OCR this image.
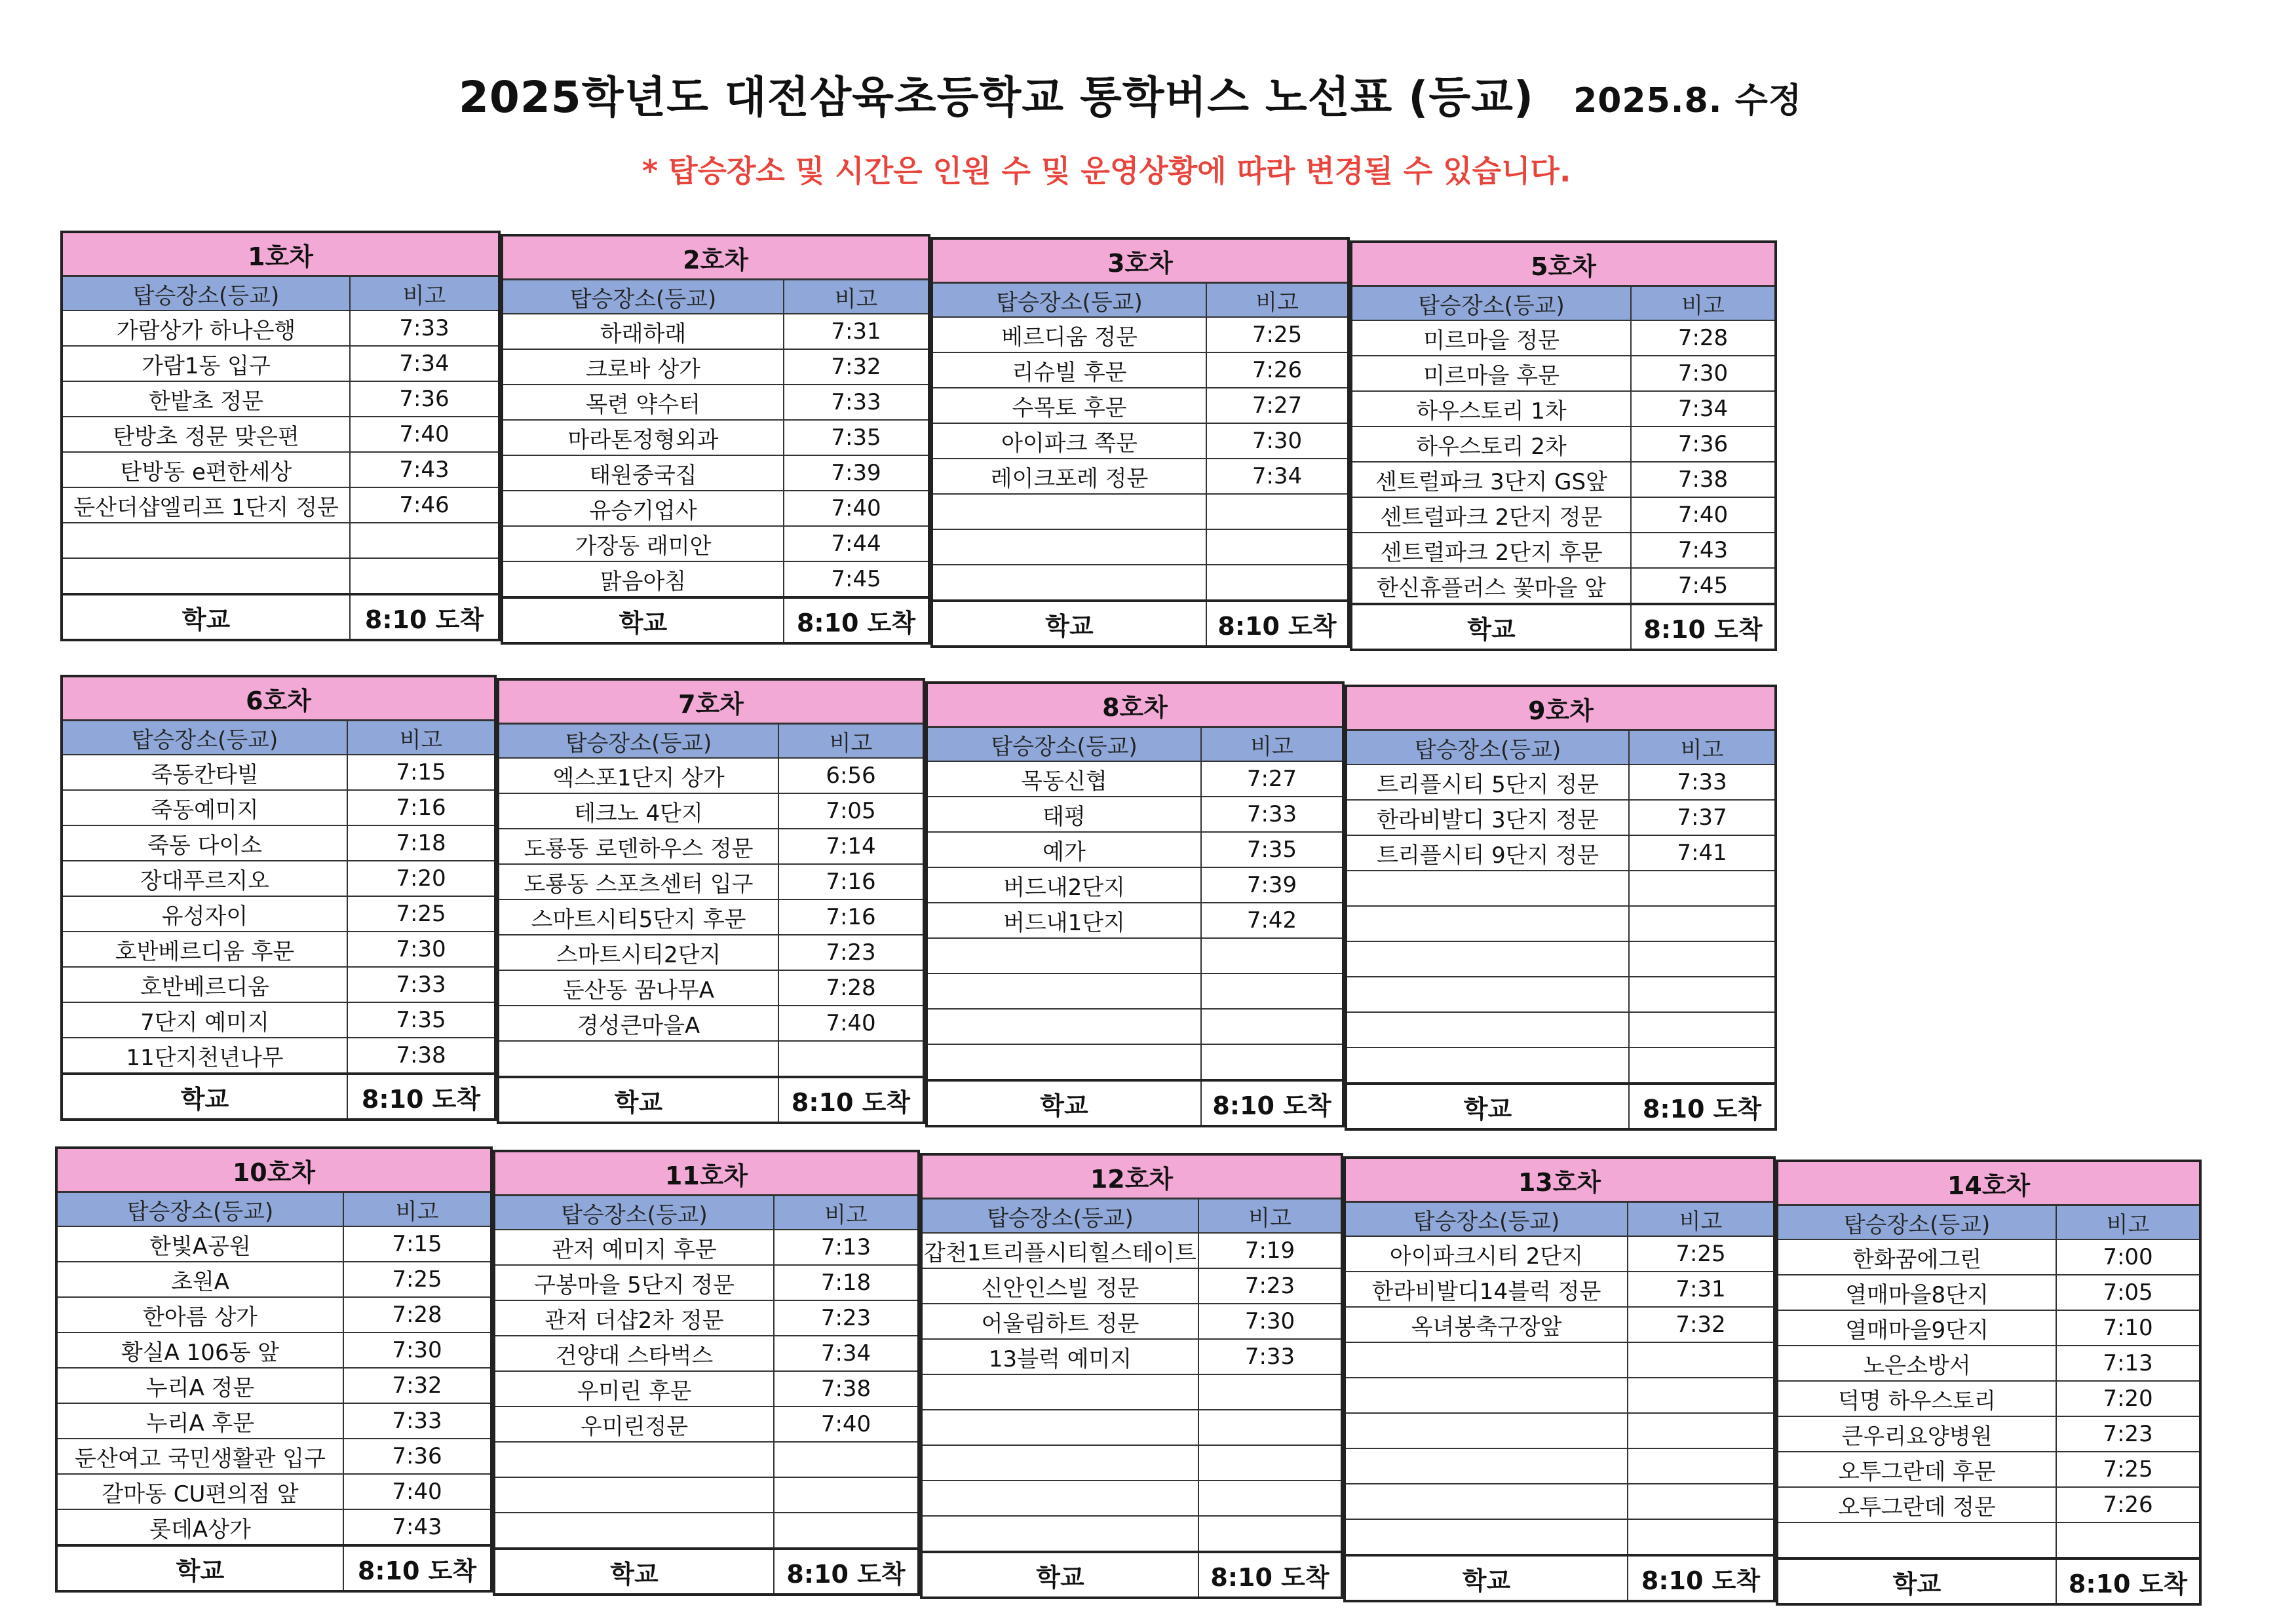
2025학년도 대전삼육초등학교 통학버스 노선표 (등교) 2025.8. 수정
* 탑승장소 및 시간은 인원 수 및 운영상황에 따라 변경될 수 있습니다.
1호차	
탑승장소(등교)	비고
가람상가 하나은행	7:33
가람1동 입구	7:34
한밭초 정문	7:36
탄방초 정문 맞은편	7:40
탄방동 e편한세상	7:43
둔산더샵엘리프 1단지 정문	7:46

학교	8:10 도착
2호차	
탑승장소(등교)	비고
하래하래	7:31
크로바 상가	7:32
목련 약수터	7:33
마라톤정형외과	7:35
태원중국집	7:39
유승기업사	7:40
가장동 래미안	7:44
맑음아침	7:45
학교	8:10 도착
3호차	
탑승장소(등교)	비고
베르디움 정문	7:25
리슈빌 후문	7:26
수목토 후문	7:27
아이파크 쪽문	7:30
레이크포레 정문	7:34

학교	8:10 도착
5호차	
탑승장소(등교)	비고
미르마을 정문	7:28
미르마을 후문	7:30
하우스토리 1차	7:34
하우스토리 2차	7:36
센트럴파크 3단지 GS앞	7:38
센트럴파크 2단지 정문	7:40
센트럴파크 2단지 후문	7:43
한신휴플러스 꽃마을 앞	7:45
학교	8:10 도착
6호차	
탑승장소(등교)	비고
죽동칸타빌	7:15
죽동예미지	7:16
죽동 다이소	7:18
장대푸르지오	7:20
유성자이	7:25
호반베르디움 후문	7:30
호반베르디움	7:33
7단지 예미지	7:35
11단지천년나무	7:38
학교	8:10 도착
7호차	
탑승장소(등교)	비고
엑스포1단지 상가	6:56
테크노 4단지	7:05
도룡동 로덴하우스 정문	7:14
도룡동 스포츠센터 입구	7:16
스마트시티5단지 후문	7:16
스마트시티2단지	7:23
둔산동 꿈나무A	7:28
경성큰마을A	7:40

학교	8:10 도착
8호차	
탑승장소(등교)	비고
목동신협	7:27
태평	7:33
예가	7:35
버드내2단지	7:39
버드내1단지	7:42

학교	8:10 도착
9호차	
탑승장소(등교)	비고
트리플시티 5단지 정문	7:33
한라비발디 3단지 정문	7:37
트리플시티 9단지 정문	7:41

학교	8:10 도착
10호차	
탑승장소(등교)	비고
한빛A공원	7:15
초원A	7:25
한아름 상가	7:28
황실A 106동 앞	7:30
누리A 정문	7:32
누리A 후문	7:33
둔산여고 국민생활관 입구	7:36
갈마동 CU편의점 앞	7:40
롯데A상가	7:43
학교	8:10 도착
11호차	
탑승장소(등교)	비고
관저 예미지 후문	7:13
구봉마을 5단지 정문	7:18
관저 더샵2차 정문	7:23
건양대 스타벅스	7:34
우미린 후문	7:38
우미린정문	7:40

학교	8:10 도착
12호차	
탑승장소(등교)	비고
갑천1트리플시티힐스테이트	7:19
신안인스빌 정문	7:23
어울림하트 정문	7:30
13블럭 예미지	7:33

학교	8:10 도착
13호차	
탑승장소(등교)	비고
아이파크시티 2단지	7:25
한라비발디14블럭 정문	7:31
옥녀봉축구장앞	7:32

학교	8:10 도착
14호차	
탑승장소(등교)	비고
한화꿈에그린	7:00
열매마을8단지	7:05
열매마을9단지	7:10
노은소방서	7:13
덕명 하우스토리	7:20
큰우리요양병원	7:23
오투그란데 후문	7:25
오투그란데 정문	7:26

학교	8:10 도착
